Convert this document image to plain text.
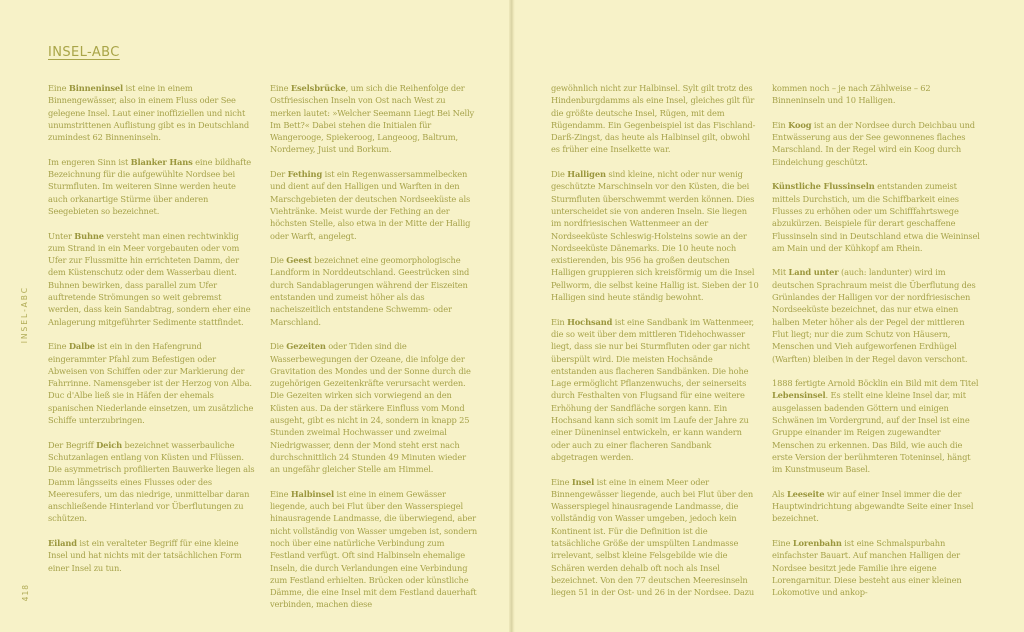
INSEL-ABC
418
INSEL-ABC

Eine Binneninsel ist eine in einem Binnengewässer, also in einem Fluss oder See gelegene Insel. Laut einer inoffiziellen und nicht unumstrittenen Auflistung gibt es in Deutschland zumindest 62 Binneninseln.

Im engeren Sinn ist Blanker Hans eine bildhafte Bezeichnung für die aufgewühlte Nordsee bei Sturmfluten. Im weiteren Sinne werden heute auch orkanartige Stürme über anderen Seegebieten so bezeichnet.

Unter Buhne versteht man einen rechtwinklig zum Strand in ein Meer vorgebauten oder vom Ufer zur Flussmitte hin errichteten Damm, der dem Küstenschutz oder dem Wasserbau dient. Buhnen bewirken, dass parallel zum Ufer auftretende Strömungen so weit gebremst werden, dass kein Sandabtrag, sondern eher eine Anlagerung mitgeführter Sedimente stattfindet.

Eine Dalbe ist ein in den Hafengrund eingerammter Pfahl zum Befestigen oder Abweisen von Schiffen oder zur Markierung der Fahrrinne. Namensgeber ist der Herzog von Alba. Duc d'Albe ließ sie in Häfen der ehemals spanischen Niederlande einsetzen, um zusätzliche Schiffe unterzubringen.

Der Begriff Deich bezeichnet wasserbauliche Schutzanlagen entlang von Küsten und Flüssen. Die asymmetrisch profilierten Bauwerke liegen als Damm längsseits eines Flusses oder des Meeresufers, um das niedrige, unmittelbar daran anschließende Hinterland vor Überflutungen zu schützen.

Eiland ist ein veralteter Begriff für eine kleine Insel und hat nichts mit der tatsächlichen Form einer Insel zu tun.

Eine Eselsbrücke, um sich die Reihenfolge der Ostfriesischen Inseln von Ost nach West zu merken lautet: »Welcher Seemann Liegt Bei Nelly Im Bett?« Dabei stehen die Initialen für Wangerooge, Spiekeroog, Langeoog, Baltrum, Norderney, Juist und Borkum.

Der Fething ist ein Regenwassersammelbecken und dient auf den Halligen und Warften in den Marschgebieten der deutschen Nordseeküste als Viehtränke. Meist wurde der Fething an der höchsten Stelle, also etwa in der Mitte der Hallig oder Warft, angelegt.

Die Geest bezeichnet eine geomorphologische Landform in Norddeutschland. Geestrücken sind durch Sandablagerungen während der Eiszeiten entstanden und zumeist höher als das nacheiszeitlich entstandene Schwemm- oder Marschland.

Die Gezeiten oder Tiden sind die Wasserbewegungen der Ozeane, die infolge der Gravitation des Mondes und der Sonne durch die zugehörigen Gezeitenkräfte verursacht werden. Die Gezeiten wirken sich vorwiegend an den Küsten aus. Da der stärkere Einfluss vom Mond ausgeht, gibt es nicht in 24, sondern in knapp 25 Stunden zweimal Hochwasser und zweimal Niedrigwasser, denn der Mond steht erst nach durchschnittlich 24 Stunden 49 Minuten wieder an ungefähr gleicher Stelle am Himmel.

Eine Halbinsel ist eine in einem Gewässer liegende, auch bei Flut über den Wasserspiegel hinausragende Landmasse, die überwiegend, aber nicht vollständig von Wasser umgeben ist, sondern noch über eine natürliche Verbindung zum Festland verfügt. Oft sind Halbinseln ehemalige Inseln, die durch Verlandungen eine Verbindung zum Festland erhielten. Brücken oder künstliche Dämme, die eine Insel mit dem Festland dauerhaft verbinden, machen diese

gewöhnlich nicht zur Halbinsel. Sylt gilt trotz des Hindenburgdamms als eine Insel, gleiches gilt für die größte deutsche Insel, Rügen, mit dem Rügendamm. Ein Gegenbeispiel ist das Fischland-Darß-Zingst, das heute als Halbinsel gilt, obwohl es früher eine Inselkette war.

Die Halligen sind kleine, nicht oder nur wenig geschützte Marschinseln vor den Küsten, die bei Sturmfluten überschwemmt werden können. Dies unterscheidet sie von anderen Inseln. Sie liegen im nordfriesischen Wattenmeer an der Nordseeküste Schleswig-Holsteins sowie an der Nordseeküste Dänemarks. Die 10 heute noch existierenden, bis 956 ha großen deutschen Halligen gruppieren sich kreisförmig um die Insel Pellworm, die selbst keine Hallig ist. Sieben der 10 Halligen sind heute ständig bewohnt.

Ein Hochsand ist eine Sandbank im Wattenmeer, die so weit über dem mittleren Tidehochwasser liegt, dass sie nur bei Sturmfluten oder gar nicht überspült wird. Die meisten Hochsände entstanden aus flacheren Sandbänken. Die hohe Lage ermöglicht Pflanzenwuchs, der seinerseits durch Festhalten von Flugsand für eine weitere Erhöhung der Sandfläche sorgen kann. Ein Hochsand kann sich somit im Laufe der Jahre zu einer Düneninsel entwickeln, er kann wandern oder auch zu einer flacheren Sandbank abgetragen werden.

Eine Insel ist eine in einem Meer oder Binnengewässer liegende, auch bei Flut über den Wasserspiegel hinausragende Landmasse, die vollständig von Wasser umgeben, jedoch kein Kontinent ist. Für die Definition ist die tatsächliche Größe der umspülten Landmasse irrelevant, selbst kleine Felsgebilde wie die Schären werden dehalb oft noch als Insel bezeichnet. Von den 77 deutschen Meeresinseln liegen 51 in der Ost- und 26 in der Nordsee. Dazu

kommen noch – je nach Zählweise – 62 Binneninseln und 10 Halligen.

Ein Koog ist an der Nordsee durch Deichbau und Entwässerung aus der See gewonnenes flaches Marschland. In der Regel wird ein Koog durch Eindeichung geschützt.

Künstliche Flussinseln entstanden zumeist mittels Durchstich, um die Schiffbarkeit eines Flusses zu erhöhen oder um Schifffahrtswege abzukürzen. Beispiele für derart geschaffene Flussinseln sind in Deutschland etwa die Weininsel am Main und der Kühkopf am Rhein.

Mit Land unter (auch: landunter) wird im deutschen Sprachraum meist die Überflutung des Grünlandes der Halligen vor der nordfriesischen Nordseeküste bezeichnet, das nur etwa einen halben Meter höher als der Pegel der mittleren Flut liegt; nur die zum Schutz von Häusern, Menschen und Vieh aufgeworfenen Erdhügel (Warften) bleiben in der Regel davon verschont.

1888 fertigte Arnold Böcklin ein Bild mit dem Titel Lebensinsel. Es stellt eine kleine Insel dar, mit ausgelassen badenden Göttern und einigen Schwänen im Vordergrund, auf der Insel ist eine Gruppe einander im Reigen zugewandter Menschen zu erkennen. Das Bild, wie auch die erste Version der berühmteren Toteninsel, hängt im Kunstmuseum Basel.

Als Leeseite wir auf einer Insel immer die der Hauptwindrichtung abgewandte Seite einer Insel bezeichnet.

Eine Lorenbahn ist eine Schmalspurbahn einfachster Bauart. Auf manchen Halligen der Nordsee besitzt jede Familie ihre eigene Lorengarnitur. Diese besteht aus einer kleinen Lokomotive und ankop-
